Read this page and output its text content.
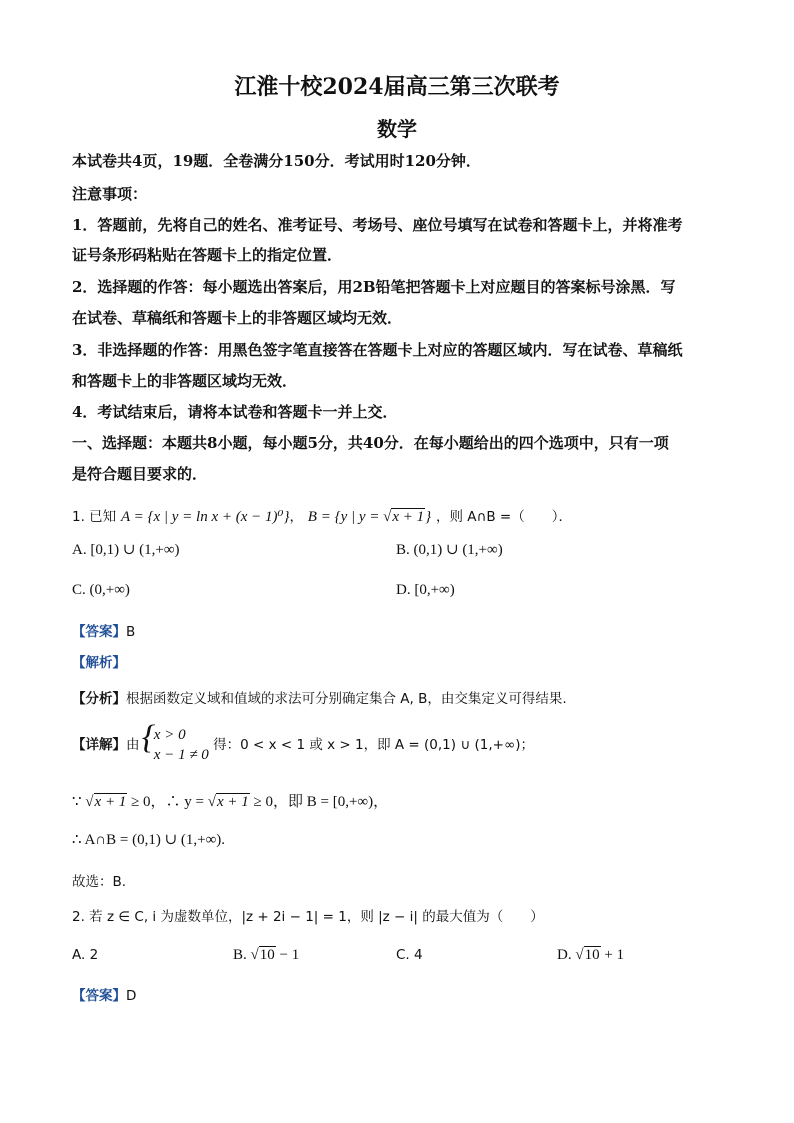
江淮十校2024届高三第三次联考
数学
本试卷共4页，19题．全卷满分150分．考试用时120分钟．
注意事项：
1．答题前，先将自己的姓名、准考证号、考场号、座位号填写在试卷和答题卡上，并将准考
证号条形码粘贴在答题卡上的指定位置．
2．选择题的作答：每小题选出答案后，用2B铅笔把答题卡上对应题目的答案标号涂黑．写
在试卷、草稿纸和答题卡上的非答题区域均无效．
3．非选择题的作答：用黑色签字笔直接答在答题卡上对应的答题区域内．写在试卷、草稿纸
和答题卡上的非答题区域均无效．
4．考试结束后，请将本试卷和答题卡一并上交．
一、选择题：本题共8小题，每小题5分，共40分．在每小题给出的四个选项中，只有一项
是符合题目要求的．
1. 已知 A = {x | y = ln x + (x − 1)⁰}， B = {y | y = √x + 1} ，则 A∩B =（　　）．
A. [0,1) ∪ (1,+∞)	B. (0,1) ∪ (1,+∞)
C. (0,+∞)	D. [0,+∞)
【答案】B
【解析】
【分析】根据函数定义域和值域的求法可分别确定集合 A, B，由交集定义可得结果.
【详解】由 {
x > 0
x − 1 ≠ 0
得：0 < x < 1 或 x > 1，即 A = (0,1) ∪ (1,+∞)；
∵ √x + 1 ≥ 0，∴ y = √x + 1 ≥ 0，即 B = [0,+∞)，
∴ A∩B = (0,1) ∪ (1,+∞).
故选：B.
2. 若 z ∈ C, i 为虚数单位，|z + 2i − 1| = 1，则 |z − i| 的最大值为（　　）
A. 2	B. √10 − 1	C. 4	D. √10 + 1
【答案】D
